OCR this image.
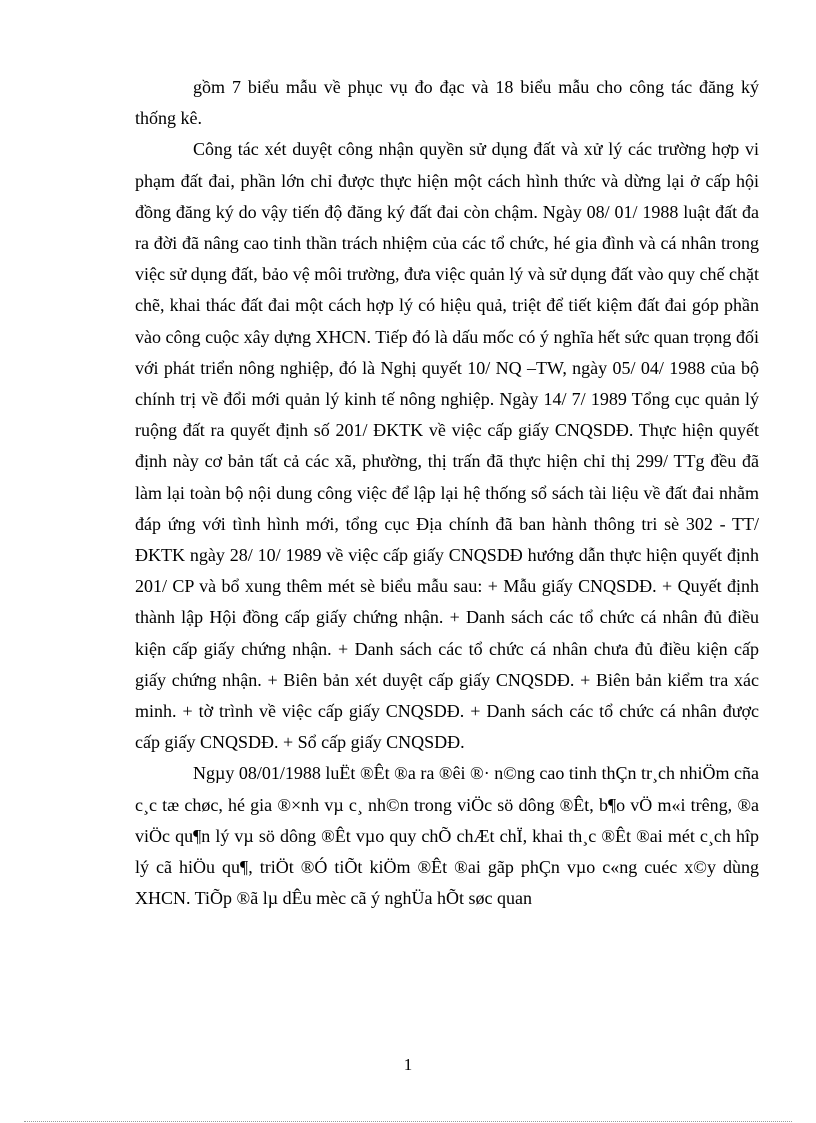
gồm 7 biểu mẫu về phục vụ đo đạc và 18 biểu mẫu cho công tác đăng ký thống kê.

Công tác xét duyệt công nhận quyền sử dụng đất và xử lý các trường hợp vi phạm đất đai, phần lớn chỉ được thực hiện một cách hình thức và dừng lại ở cấp hội đồng đăng ký do vậy tiến độ đăng ký đất đai còn chậm. Ngày 08/ 01/ 1988 luật đất đa ra đời đã nâng cao tinh thần trách nhiệm của các tổ chức, hé gia đình và cá nhân trong việc sử dụng đất, bảo vệ môi trường, đưa việc quản lý và sử dụng đất vào quy chế chặt chẽ, khai thác đất đai một cách hợp lý có hiệu quả, triệt để tiết kiệm đất đai góp phần vào công cuộc xây dựng XHCN. Tiếp đó là dấu mốc có ý nghĩa hết sức quan trọng đối với phát triển nông nghiệp, đó là Nghị quyết 10/ NQ –TW, ngày 05/ 04/ 1988 của bộ chính trị về đổi mới quản lý kinh tế nông nghiệp. Ngày 14/ 7/ 1989 Tổng cục quản lý ruộng đất ra quyết định số 201/ ĐKTK về việc cấp giấy CNQSDĐ. Thực hiện quyết định này cơ bản tất cả các xã, phường, thị trấn đã thực hiện chỉ thị 299/ TTg đều đã làm lại toàn bộ nội dung công việc để lập lại hệ thống sổ sách tài liệu về đất đai nhằm đáp ứng với tình hình mới, tổng cục Địa chính đã ban hành thông tri sè 302 - TT/ ĐKTK ngày 28/ 10/ 1989 về việc cấp giấy CNQSDĐ hướng dẫn thực hiện quyết định 201/ CP và bổ xung thêm mét sè biểu mẫu sau: + Mẫu giấy CNQSDĐ. + Quyết định thành lập Hội đồng cấp giấy chứng nhận. + Danh sách các tổ chức cá nhân đủ điều kiện cấp giấy chứng nhận. + Danh sách các tổ chức cá nhân chưa đủ điều kiện cấp giấy chứng nhận. + Biên bản xét duyệt cấp giấy CNQSDĐ. + Biên bản kiểm tra xác minh. + tờ trình về việc cấp giấy CNQSDĐ. + Danh sách các tổ chức cá nhân được cấp giấy CNQSDĐ. + Sổ cấp giấy CNQSDĐ.

Ngµy 08/01/1988 luËt ®Êt ®a ra ®êi ®· n©ng cao tinh thÇn tr¸ch nhiÖm cña c¸c tæ chøc, hé gia ®×nh vµ c¸ nh©n trong viÖc sö dông ®Êt, b¶o vÖ m«i trêng, ®a viÖc qu¶n lý vµ sö dông ®Êt vµo quy chÕ chÆt chÏ, khai th¸c ®Êt ®ai mét c¸ch hîp lý cã hiÖu qu¶, triÖt ®Ó tiÕt kiÖm ®Êt ®ai gãp phÇn vµo c«ng cuéc x©y dùng XHCN. TiÕp ®ã lµ dÊu mèc cã ý nghÜa hÕt søc quan

1
